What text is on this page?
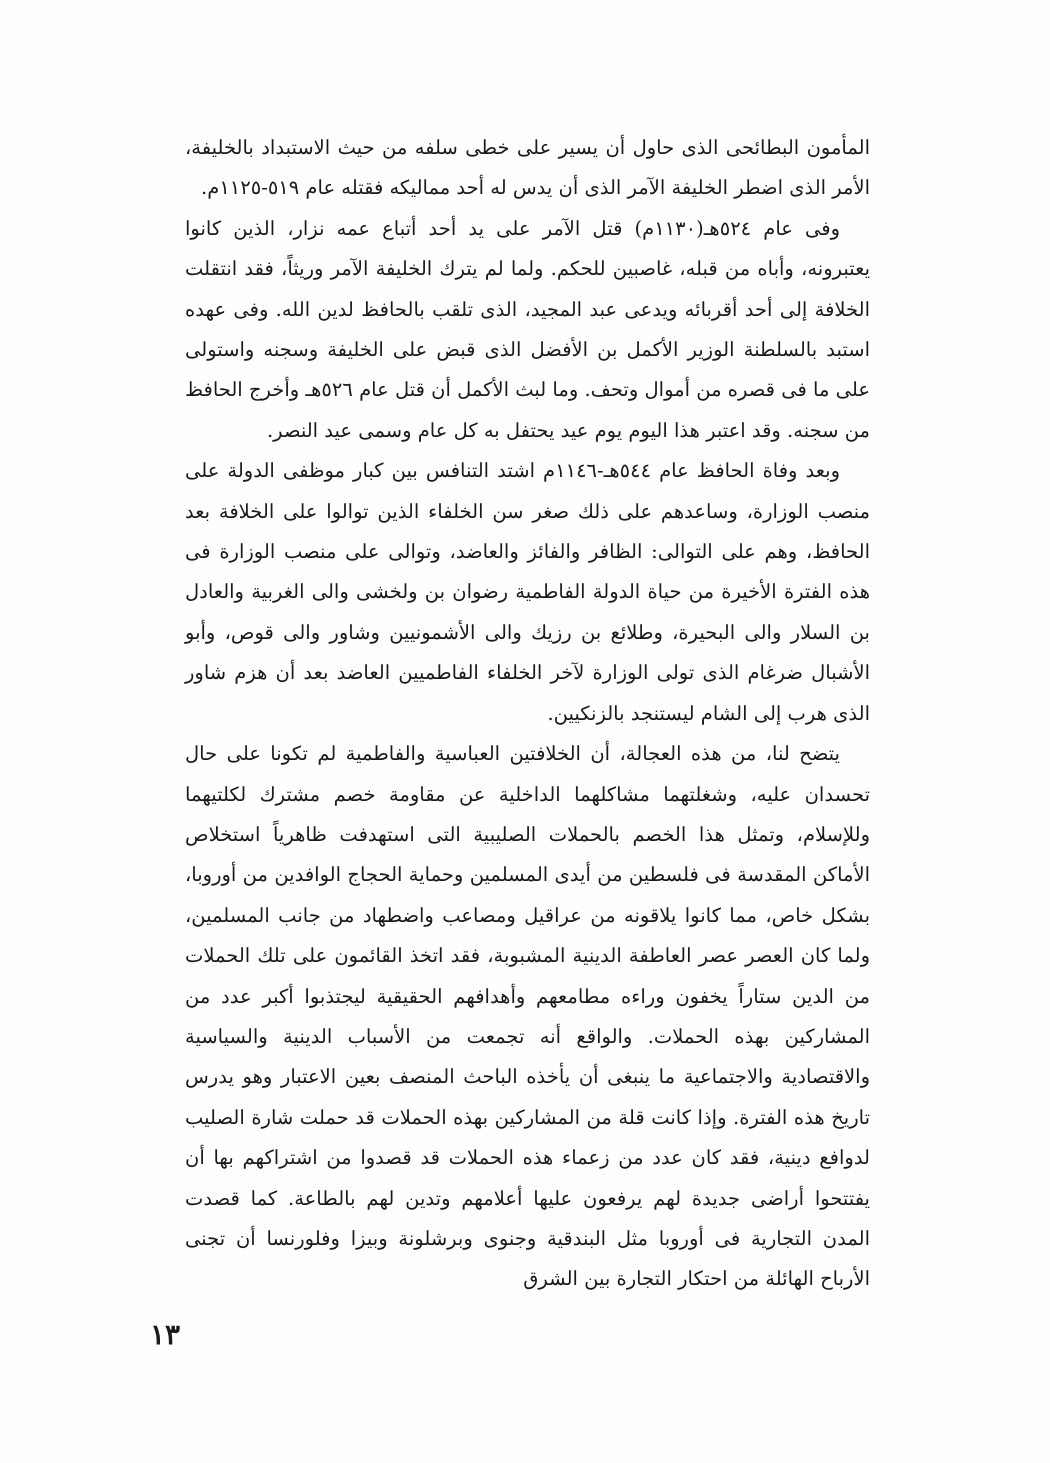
المأمون البطائحى الذى حاول أن يسير على خطى سلفه من حيث الاستبداد بالخليفة، الأمر الذى اضطر الخليفة الآمر الذى أن يدس له أحد مماليكه فقتله عام ٥١٩-١١٢٥م.

وفى عام ٥٢٤هـ(١١٣٠م) قتل الآمر على يد أحد أتباع عمه نزار، الذين كانوا يعتبرونه، وأباه من قبله، غاصبين للحكم. ولما لم يترك الخليفة الآمر وريثاً، فقد انتقلت الخلافة إلى أحد أقربائه ويدعى عبد المجيد، الذى تلقب بالحافظ لدين الله. وفى عهده استبد بالسلطنة الوزير الأكمل بن الأفضل الذى قبض على الخليفة وسجنه واستولى على ما فى قصره من أموال وتحف. وما لبث الأكمل أن قتل عام ٥٢٦هـ وأخرج الحافظ من سجنه. وقد اعتبر هذا اليوم يوم عيد يحتفل به كل عام وسمى عيد النصر.

وبعد وفاة الحافظ عام ٥٤٤هـ-١١٤٦م اشتد التنافس بين كبار موظفى الدولة على منصب الوزارة، وساعدهم على ذلك صغر سن الخلفاء الذين توالوا على الخلافة بعد الحافظ، وهم على التوالى: الظافر والفائز والعاضد، وتوالى على منصب الوزارة فى هذه الفترة الأخيرة من حياة الدولة الفاطمية رضوان بن ولخشى والى الغربية والعادل بن السلار والى البحيرة، وطلائع بن رزيك والى الأشمونيين وشاور والى قوص، وأبو الأشبال ضرغام الذى تولى الوزارة لآخر الخلفاء الفاطميين العاضد بعد أن هزم شاور الذى هرب إلى الشام ليستنجد بالزنكيين.

يتضح لنا، من هذه العجالة، أن الخلافتين العباسية والفاطمية لم تكونا على حال تحسدان عليه، وشغلتهما مشاكلهما الداخلية عن مقاومة خصم مشترك لكلتيهما وللإسلام، وتمثل هذا الخصم بالحملات الصليبية التى استهدفت ظاهرياً استخلاص الأماكن المقدسة فى فلسطين من أيدى المسلمين وحماية الحجاج الوافدين من أوروبا، بشكل خاص، مما كانوا يلاقونه من عراقيل ومصاعب واضطهاد من جانب المسلمين، ولما كان العصر عصر العاطفة الدينية المشبوبة، فقد اتخذ القائمون على تلك الحملات من الدين ستاراً يخفون وراءه مطامعهم وأهدافهم الحقيقية ليجتذبوا أكبر عدد من المشاركين بهذه الحملات. والواقع أنه تجمعت من الأسباب الدينية والسياسية والاقتصادية والاجتماعية ما ينبغى أن يأخذه الباحث المنصف بعين الاعتبار وهو يدرس تاريخ هذه الفترة. وإذا كانت قلة من المشاركين بهذه الحملات قد حملت شارة الصليب لدوافع دينية، فقد كان عدد من زعماء هذه الحملات قد قصدوا من اشتراكهم بها أن يفتتحوا أراضى جديدة لهم يرفعون عليها أعلامهم وتدين لهم بالطاعة. كما قصدت المدن التجارية فى أوروبا مثل البندقية وجنوى وبرشلونة وبيزا وفلورنسا أن تجنى الأرباح الهائلة من احتكار التجارة بين الشرق

١٣
